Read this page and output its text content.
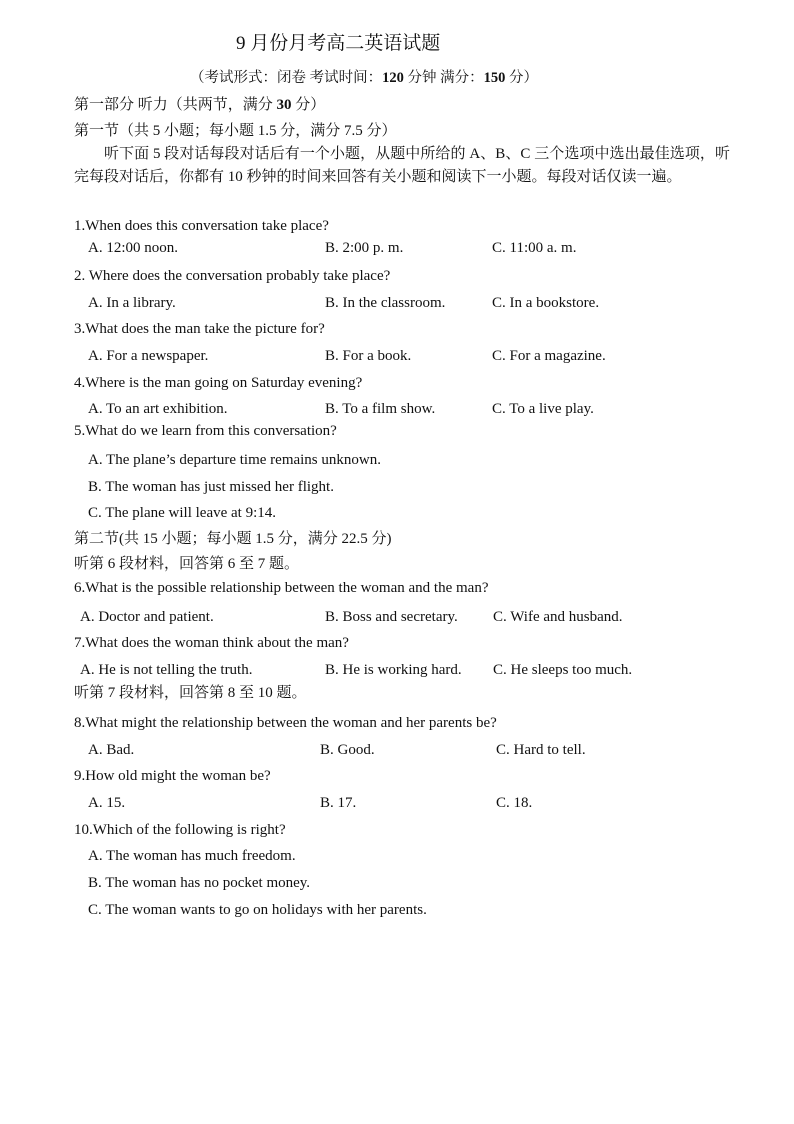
9 月份月考高二英语试题
（考试形式：闭卷 考试时间：120 分钟 满分：150 分）
第一部分 听力（共两节，满分 30 分）
第一节（共 5 小题；每小题 1.5 分，满分 7.5 分）
听下面 5 段对话每段对话后有一个小题，从题中所给的 A、B、C 三个选项中选出最佳选项，听完每段对话后，你都有 10 秒钟的时间来回答有关小题和阅读下一小题。每段对话仅读一遍。
1.When does this conversation take place?
A. 12:00 noon.	B. 2:00 p. m.	C. 11:00 a. m.
2. Where does the conversation probably take place?
A. In a library.	B. In the classroom.	C. In a bookstore.
3.What does the man take the picture for?
A. For a newspaper.	B. For a book.	C. For a magazine.
4.Where is the man going on Saturday evening?
A. To an art exhibition.	B. To a film show.	C. To a live play.
5.What do we learn from this conversation?
A. The plane’s departure time remains unknown.
B. The woman has just missed her flight.
C. The plane will leave at 9:14.
第二节(共 15 小题；每小题 1.5 分，满分 22.5 分)
听第 6 段材料，回答第 6 至 7 题。
6.What is the possible relationship between the woman and the man?
A. Doctor and patient.	B. Boss and secretary. C. Wife and husband.
7.What does the woman think about the man?
A. He is not telling the truth.	B. He is working hard. C. He sleeps too much.
听第 7 段材料，回答第 8 至 10 题。
8.What might the relationship between the woman and her parents be?
A. Bad.	B. Good.	C. Hard to tell.
9.How old might the woman be?
A. 15.	B. 17.	C. 18.
10.Which of the following is right?
A. The woman has much freedom.
B. The woman has no pocket money.
C. The woman wants to go on holidays with her parents.
